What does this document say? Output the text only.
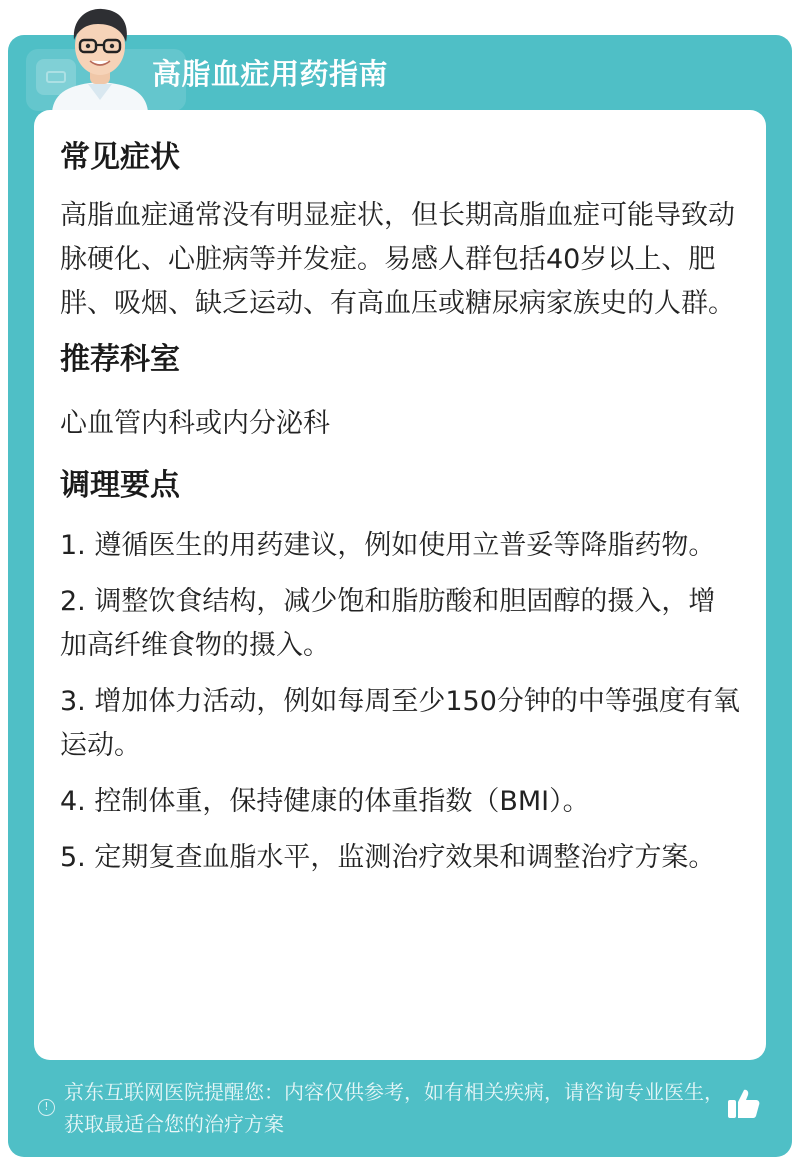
高脂血症用药指南
常见症状
高脂血症通常没有明显症状，但长期高脂血症可能导致动脉硬化、心脏病等并发症。易感人群包括40岁以上、肥胖、吸烟、缺乏运动、有高血压或糖尿病家族史的人群。
推荐科室
心血管内科或内分泌科
调理要点
1. 遵循医生的用药建议，例如使用立普妥等降脂药物。
2. 调整饮食结构，减少饱和脂肪酸和胆固醇的摄入，增加高纤维食物的摄入。
3. 增加体力活动，例如每周至少150分钟的中等强度有氧运动。
4. 控制体重，保持健康的体重指数（BMI）。
5. 定期复查血脂水平，监测治疗效果和调整治疗方案。
!
京东互联网医院提醒您：内容仅供参考，如有相关疾病，请咨询专业医生，获取最适合您的治疗方案
